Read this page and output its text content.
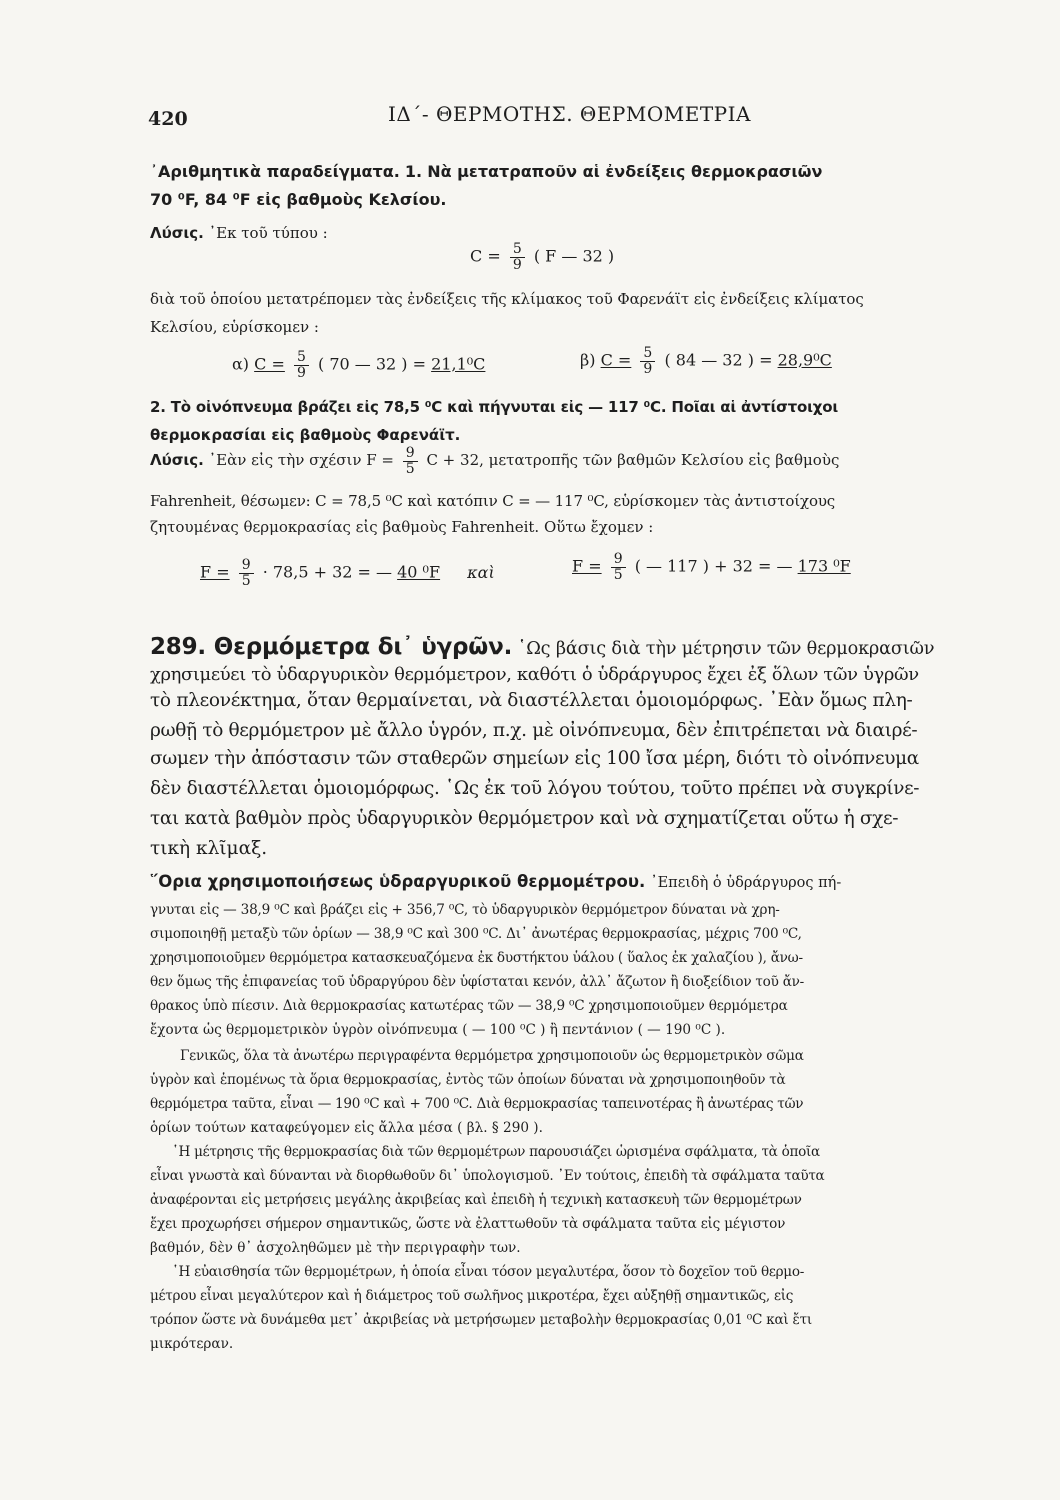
420	ΙΔ΄- ΘΕΡΜΟΤΗΣ. ΘΕΡΜΟΜΕΤΡΙΑ
᾿Αριθμητικὰ παραδείγματα. 1. Νὰ μετατραποῦν αἱ ἐνδείξεις θερμοκρασιῶν
70 ⁰F, 84 ⁰F εἰς βαθμοὺς Κελσίου.
Λύσις. ᾿Εκ τοῦ τύπου :
$C = \frac{5}{9}$ ( F — 32 )
διὰ τοῦ ὁποίου μετατρέπομεν τὰς ἐνδείξεις τῆς κλίμακος τοῦ Φαρενάϊτ εἰς ἐνδείξεις κλίματος
Κελσίου, εὑρίσκομεν :
α) $C = \frac{5}{9}$ ( 70 — 32 ) = 21,1⁰C	β) $C = \frac{5}{9}$ ( 84 — 32 ) = 28,9⁰C
2. Τὸ οἰνόπνευμα βράζει εἰς 78,5 ⁰C καὶ πήγνυται εἰς — 117 ⁰C. Ποῖαι αἱ ἀντίστοιχοι
θερμοκρασίαι εἰς βαθμοὺς Φαρενάϊτ.
Λύσις. ᾿Εὰν εἰς τὴν σχέσιν $F = \frac{9}{5}$ C + 32, μετατροπῆς τῶν βαθμῶν Κελσίου εἰς βαθμοὺς
Fahrenheit, θέσωμεν: C = 78,5 ⁰C καὶ κατόπιν C = — 117 ⁰C, εὑρίσκομεν τὰς ἀντιστοίχους
ζητουμένας θερμοκρασίας εἰς βαθμοὺς Fahrenheit. Οὕτω ἔχομεν :
$F = \frac{9}{5} \cdot 78,5 + 32$ = — 40 ⁰F καὶ	$F = \frac{9}{5}$ ( — 117 ) + 32 = — 173 ⁰F
289. Θερμόμετρα δι᾿ ὑγρῶν. ῾Ως βάσις διὰ τὴν μέτρησιν τῶν θερμοκρασιῶν
χρησιμεύει τὸ ὑδαργυρικὸν θερμόμετρον, καθότι ὁ ὑδράργυρος ἔχει ἐξ ὅλων τῶν ὑγρῶν
τὸ πλεονέκτημα, ὅταν θερμαίνεται, νὰ διαστέλλεται ὁμοιομόρφως. ᾿Εὰν ὅμως πλη-
ρωθῇ τὸ θερμόμετρον μὲ ἄλλο ὑγρόν, π.χ. μὲ οἰνόπνευμα, δὲν ἐπιτρέπεται νὰ διαιρέ-
σωμεν τὴν ἀπόστασιν τῶν σταθερῶν σημείων εἰς 100 ἴσα μέρη, διότι τὸ οἰνόπνευμα
δὲν διαστέλλεται ὁμοιομόρφως. ῾Ως ἐκ τοῦ λόγου τούτου, τοῦτο πρέπει νὰ συγκρίνε-
ται κατὰ βαθμὸν πρὸς ὑδαργυρικὸν θερμόμετρον καὶ νὰ σχηματίζεται οὕτω ἡ σχε-
τικὴ κλῖμαξ.
῞Ορια χρησιμοποιήσεως ὑδραργυρικοῦ θερμομέτρου. ᾿Επειδὴ ὁ ὑδράργυρος πή-
γνυται εἰς — 38,9 ⁰C καὶ βράζει εἰς + 356,7 ⁰C, τὸ ὑδαργυρικὸν θερμόμετρον δύναται νὰ χρη-
σιμοποιηθῇ μεταξὺ τῶν ὁρίων — 38,9 ⁰C καὶ 300 ⁰C. Δι᾿ ἀνωτέρας θερμοκρασίας, μέχρις 700 ⁰C,
χρησιμοποιοῦμεν θερμόμετρα κατασκευαζόμενα ἐκ δυστήκτου ὑάλου ( ὕαλος ἐκ χαλαζίου ), ἄνω-
θεν ὅμως τῆς ἐπιφανείας τοῦ ὑδραργύρου δὲν ὑφίσταται κενόν, ἀλλ᾿ ἄζωτον ἢ διοξείδιον τοῦ ἄν-
θρακος ὑπὸ πίεσιν. Διὰ θερμοκρασίας κατωτέρας τῶν — 38,9 ⁰C χρησιμοποιοῦμεν θερμόμετρα
ἔχοντα ὡς θερμομετρικὸν ὑγρὸν οἰνόπνευμα ( — 100 ⁰C ) ἢ πεντάνιον ( — 190 ⁰C ).
Γενικῶς, ὅλα τὰ ἀνωτέρω περιγραφέντα θερμόμετρα χρησιμοποιοῦν ὡς θερμομετρικὸν σῶμα
ὑγρὸν καὶ ἑπομένως τὰ ὅρια θερμοκρασίας, ἐντὸς τῶν ὁποίων δύναται νὰ χρησιμοποιηθοῦν τὰ
θερμόμετρα ταῦτα, εἶναι — 190 ⁰C καὶ + 700 ⁰C. Διὰ θερμοκρασίας ταπεινοτέρας ἢ ἀνωτέρας τῶν
ὁρίων τούτων καταφεύγομεν εἰς ἄλλα μέσα ( βλ. § 290 ).
῾Η μέτρησις τῆς θερμοκρασίας διὰ τῶν θερμομέτρων παρουσιάζει ὡρισμένα σφάλματα, τὰ ὁποῖα
εἶναι γνωστὰ καὶ δύνανται νὰ διορθωθοῦν δι᾿ ὑπολογισμοῦ. ᾿Εν τούτοις, ἐπειδὴ τὰ σφάλματα ταῦτα
ἀναφέρονται εἰς μετρήσεις μεγάλης ἀκριβείας καὶ ἐπειδὴ ἡ τεχνικὴ κατασκευὴ τῶν θερμομέτρων
ἔχει προχωρήσει σήμερον σημαντικῶς, ὥστε νὰ ἐλαττωθοῦν τὰ σφάλματα ταῦτα εἰς μέγιστον
βαθμόν, δὲν θ᾿ ἀσχοληθῶμεν μὲ τὴν περιγραφὴν των.
῾Η εὐαισθησία τῶν θερμομέτρων, ἡ ὁποία εἶναι τόσον μεγαλυτέρα, ὅσον τὸ δοχεῖον τοῦ θερμο-
μέτρου εἶναι μεγαλύτερον καὶ ἡ διάμετρος τοῦ σωλῆνος μικροτέρα, ἔχει αὐξηθῇ σημαντικῶς, εἰς
τρόπον ὥστε νὰ δυνάμεθα μετ᾿ ἀκριβείας νὰ μετρήσωμεν μεταβολὴν θερμοκρασίας 0,01 ⁰C καὶ ἔτι
μικρότεραν.
